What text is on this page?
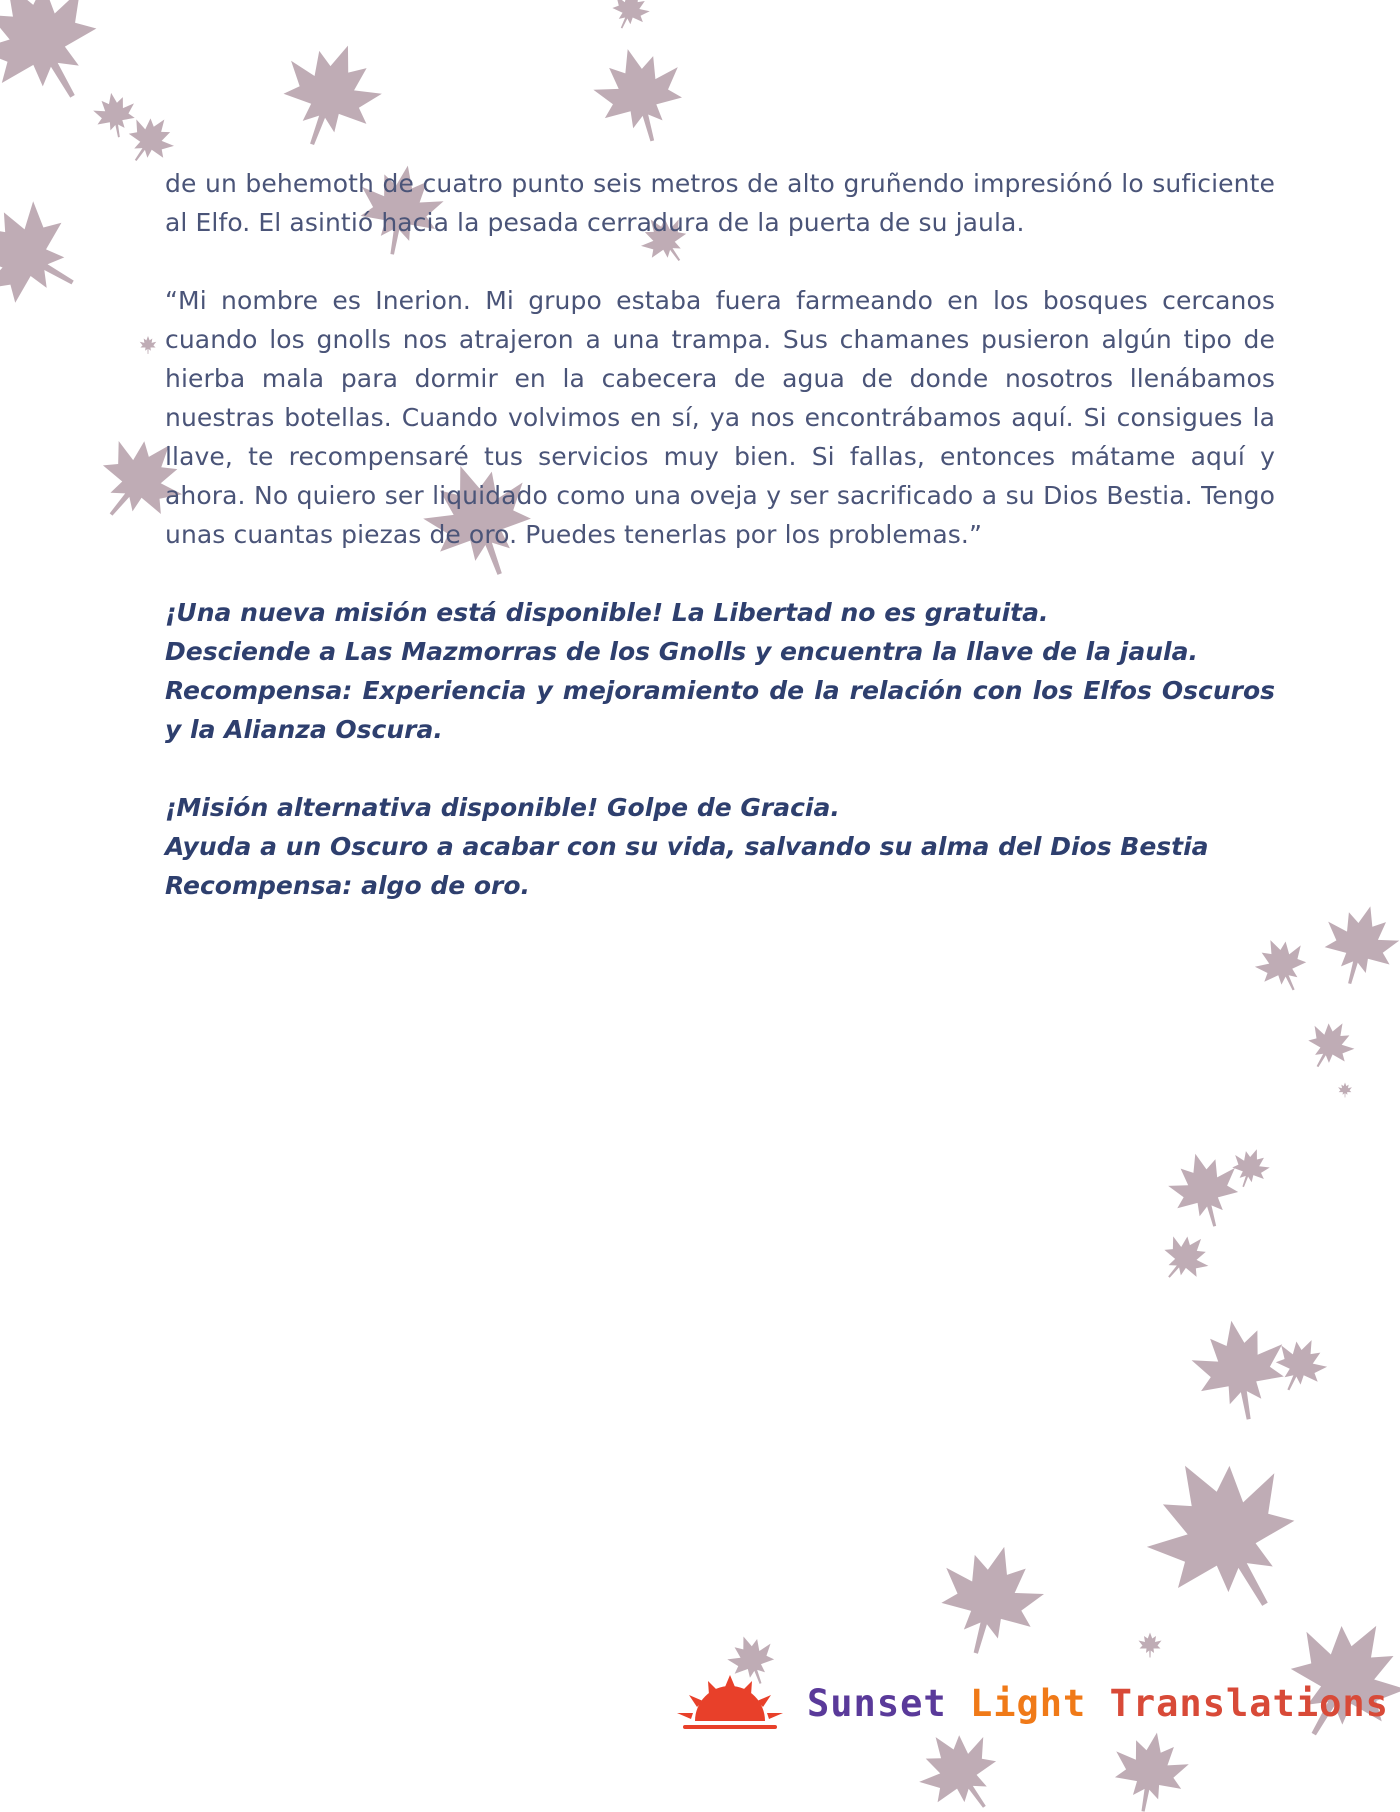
de un behemoth de cuatro punto seis metros de alto gruñendo impresiónó lo suficiente al Elfo. El asintió hacia la pesada cerradura de la puerta de su jaula.

“Mi nombre es Inerion. Mi grupo estaba fuera farmeando en los bosques cercanos cuando los gnolls nos atrajeron a una trampa. Sus chamanes pusieron algún tipo de hierba mala para dormir en la cabecera de agua de donde nosotros llenábamos nuestras botellas. Cuando volvimos en sí, ya nos encontrábamos aquí. Si consigues la llave, te recompensaré tus servicios muy bien. Si fallas, entonces mátame aquí y ahora. No quiero ser liquidado como una oveja y ser sacrificado a su Dios Bestia. Tengo unas cuantas piezas de oro. Puedes tenerlas por los problemas.”

¡Una nueva misión está disponible! La Libertad no es gratuita.
Desciende a Las Mazmorras de los Gnolls y encuentra la llave de la jaula.
Recompensa: Experiencia y mejoramiento de la relación con los Elfos Oscuros y la Alianza Oscura.
¡Misión alternativa disponible! Golpe de Gracia.
Ayuda a un Oscuro a acabar con su vida, salvando su alma del Dios Bestia
Recompensa: algo de oro.
Sunset Light Translations
